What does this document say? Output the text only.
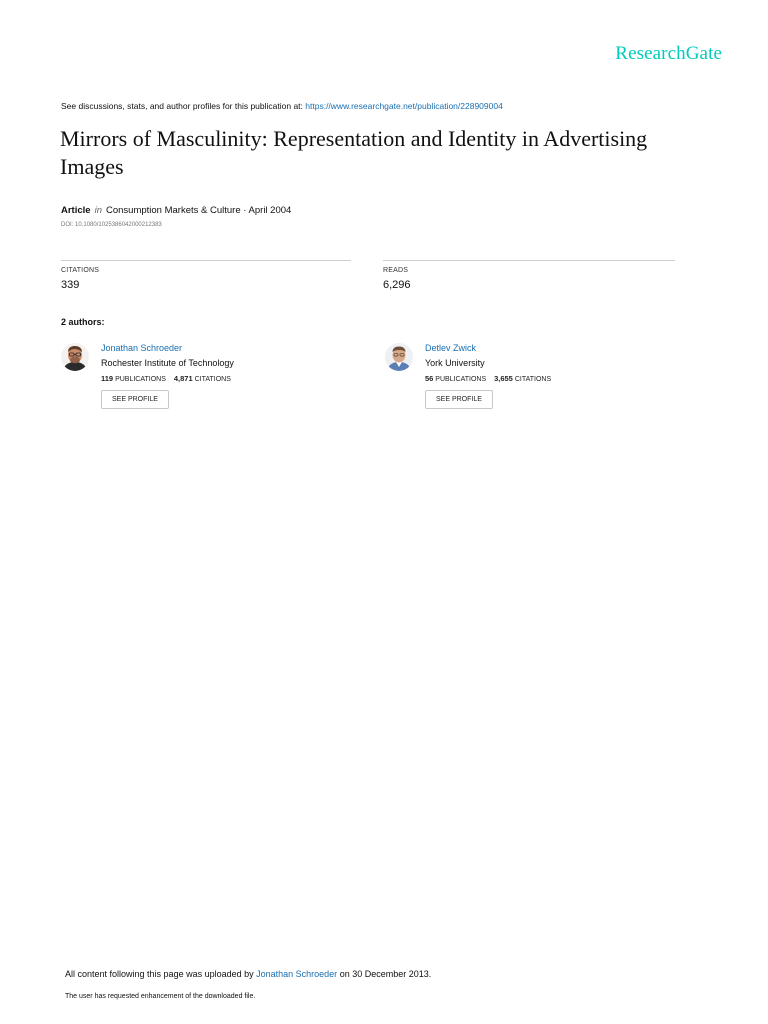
ResearchGate
See discussions, stats, and author profiles for this publication at: https://www.researchgate.net/publication/228909004
Mirrors of Masculinity: Representation and Identity in Advertising Images
Article in Consumption Markets & Culture · April 2004
DOI: 10.1080/1025386042000212383
CITATIONS
339
READS
6,296
2 authors:
Jonathan Schroeder
Rochester Institute of Technology
119 PUBLICATIONS 4,871 CITATIONS
SEE PROFILE
Detlev Zwick
York University
56 PUBLICATIONS 3,655 CITATIONS
SEE PROFILE
All content following this page was uploaded by Jonathan Schroeder on 30 December 2013.
The user has requested enhancement of the downloaded file.
